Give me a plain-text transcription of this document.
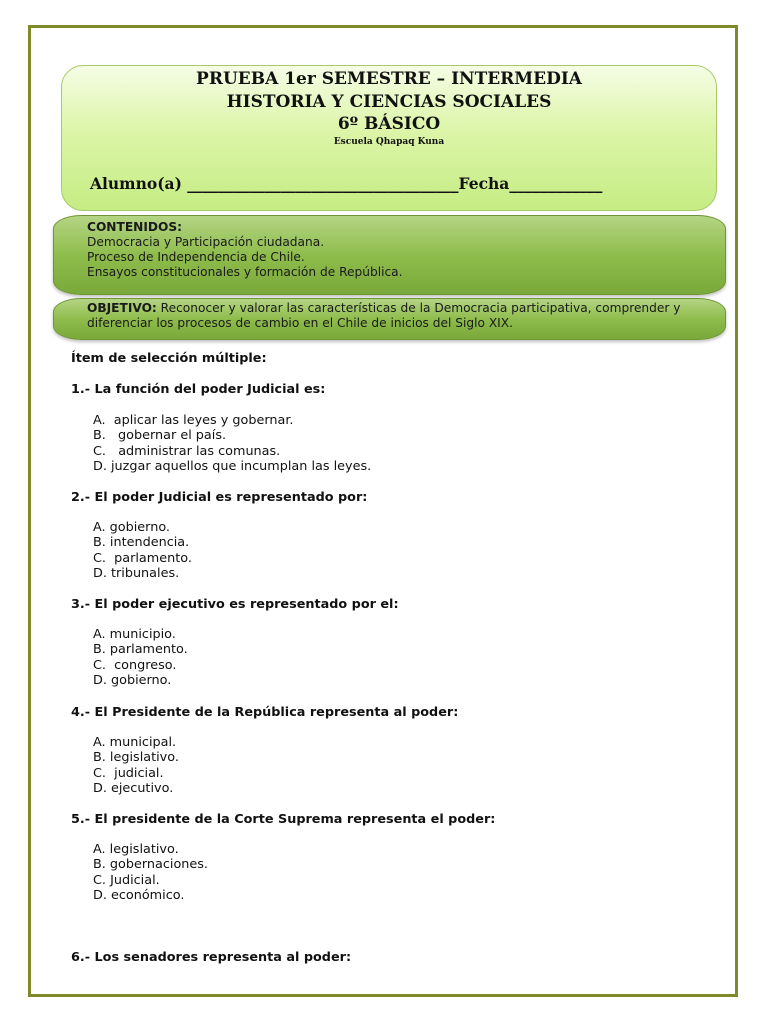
PRUEBA 1er SEMESTRE – INTERMEDIA
HISTORIA Y CIENCIAS SOCIALES
6º BÁSICO
Escuela Qhapaq Kuna
Alumno(a) ___________________________________Fecha____________
CONTENIDOS:
Democracia y Participación ciudadana.
Proceso de Independencia de Chile.
Ensayos constitucionales y formación de República.
OBJETIVO: Reconocer y valorar las características de la Democracia participativa, comprender y diferenciar los procesos de cambio en el Chile de inicios del Siglo XIX.
Ítem de selección múltiple:
1.- La función del poder Judicial es:
A.  aplicar las leyes y gobernar.
B.   gobernar el país.
C.   administrar las comunas.
D. juzgar aquellos que incumplan las leyes.
2.- El poder Judicial es representado por:
A. gobierno.
B. intendencia.
C.  parlamento.
D. tribunales.
3.- El poder ejecutivo es representado por el:
A. municipio.
B. parlamento.
C.  congreso.
D. gobierno.
4.- El Presidente de la República representa al poder:
A. municipal.
B. legislativo.
C.  judicial.
D. ejecutivo.
5.- El presidente de la Corte Suprema representa el poder:
A. legislativo.
B. gobernaciones.
C. Judicial.
D. económico.
6.- Los senadores representa al poder:
